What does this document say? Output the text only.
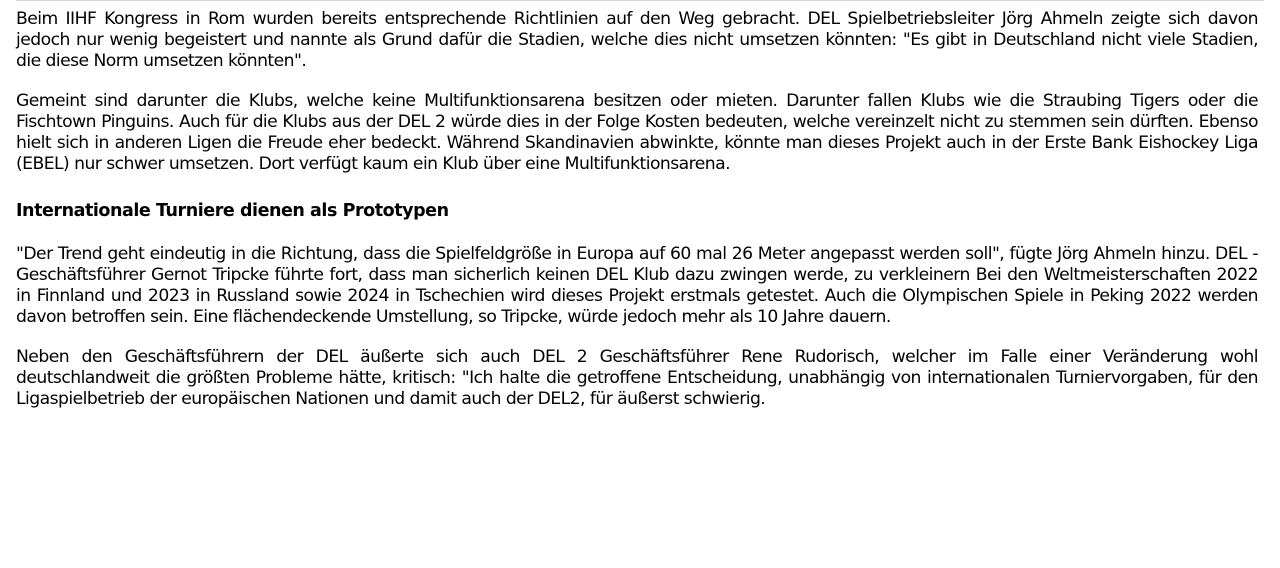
Beim IIHF Kongress in Rom wurden bereits entsprechende Richtlinien auf den Weg gebracht. DEL Spielbetriebsleiter Jörg Ahmeln zeigte sich davon jedoch nur wenig begeistert und nannte als Grund dafür die Stadien, welche dies nicht umsetzen könnten: "Es gibt in Deutschland nicht viele Stadien, die diese Norm umsetzen könnten".

Gemeint sind darunter die Klubs, welche keine Multifunktionsarena besitzen oder mieten. Darunter fallen Klubs wie die Straubing Tigers oder die Fischtown Pinguins. Auch für die Klubs aus der DEL 2 würde dies in der Folge Kosten bedeuten, welche vereinzelt nicht zu stemmen sein dürften. Ebenso hielt sich in anderen Ligen die Freude eher bedeckt. Während Skandinavien abwinkte, könnte man dieses Projekt auch in der Erste Bank Eishockey Liga (EBEL) nur schwer umsetzen. Dort verfügt kaum ein Klub über eine Multifunktionsarena.

Internationale Turniere dienen als Prototypen

"Der Trend geht eindeutig in die Richtung, dass die Spielfeldgröße in Europa auf 60 mal 26 Meter angepasst werden soll", fügte Jörg Ahmeln hinzu. DEL - Geschäftsführer Gernot Tripcke führte fort, dass man sicherlich keinen DEL Klub dazu zwingen werde, zu verkleinern Bei den Weltmeisterschaften 2022 in Finnland und 2023 in Russland sowie 2024 in Tschechien wird dieses Projekt erstmals getestet. Auch die Olympischen Spiele in Peking 2022 werden davon betroffen sein. Eine flächendeckende Umstellung, so Tripcke, würde jedoch mehr als 10 Jahre dauern.

Neben den Geschäftsführern der DEL äußerte sich auch DEL 2 Geschäftsführer Rene Rudorisch, welcher im Falle einer Veränderung wohl deutschlandweit die größten Probleme hätte, kritisch: "Ich halte die getroffene Entscheidung, unabhängig von internationalen Turniervorgaben, für den Ligaspielbetrieb der europäischen Nationen und damit auch der DEL2, für äußerst schwierig.
